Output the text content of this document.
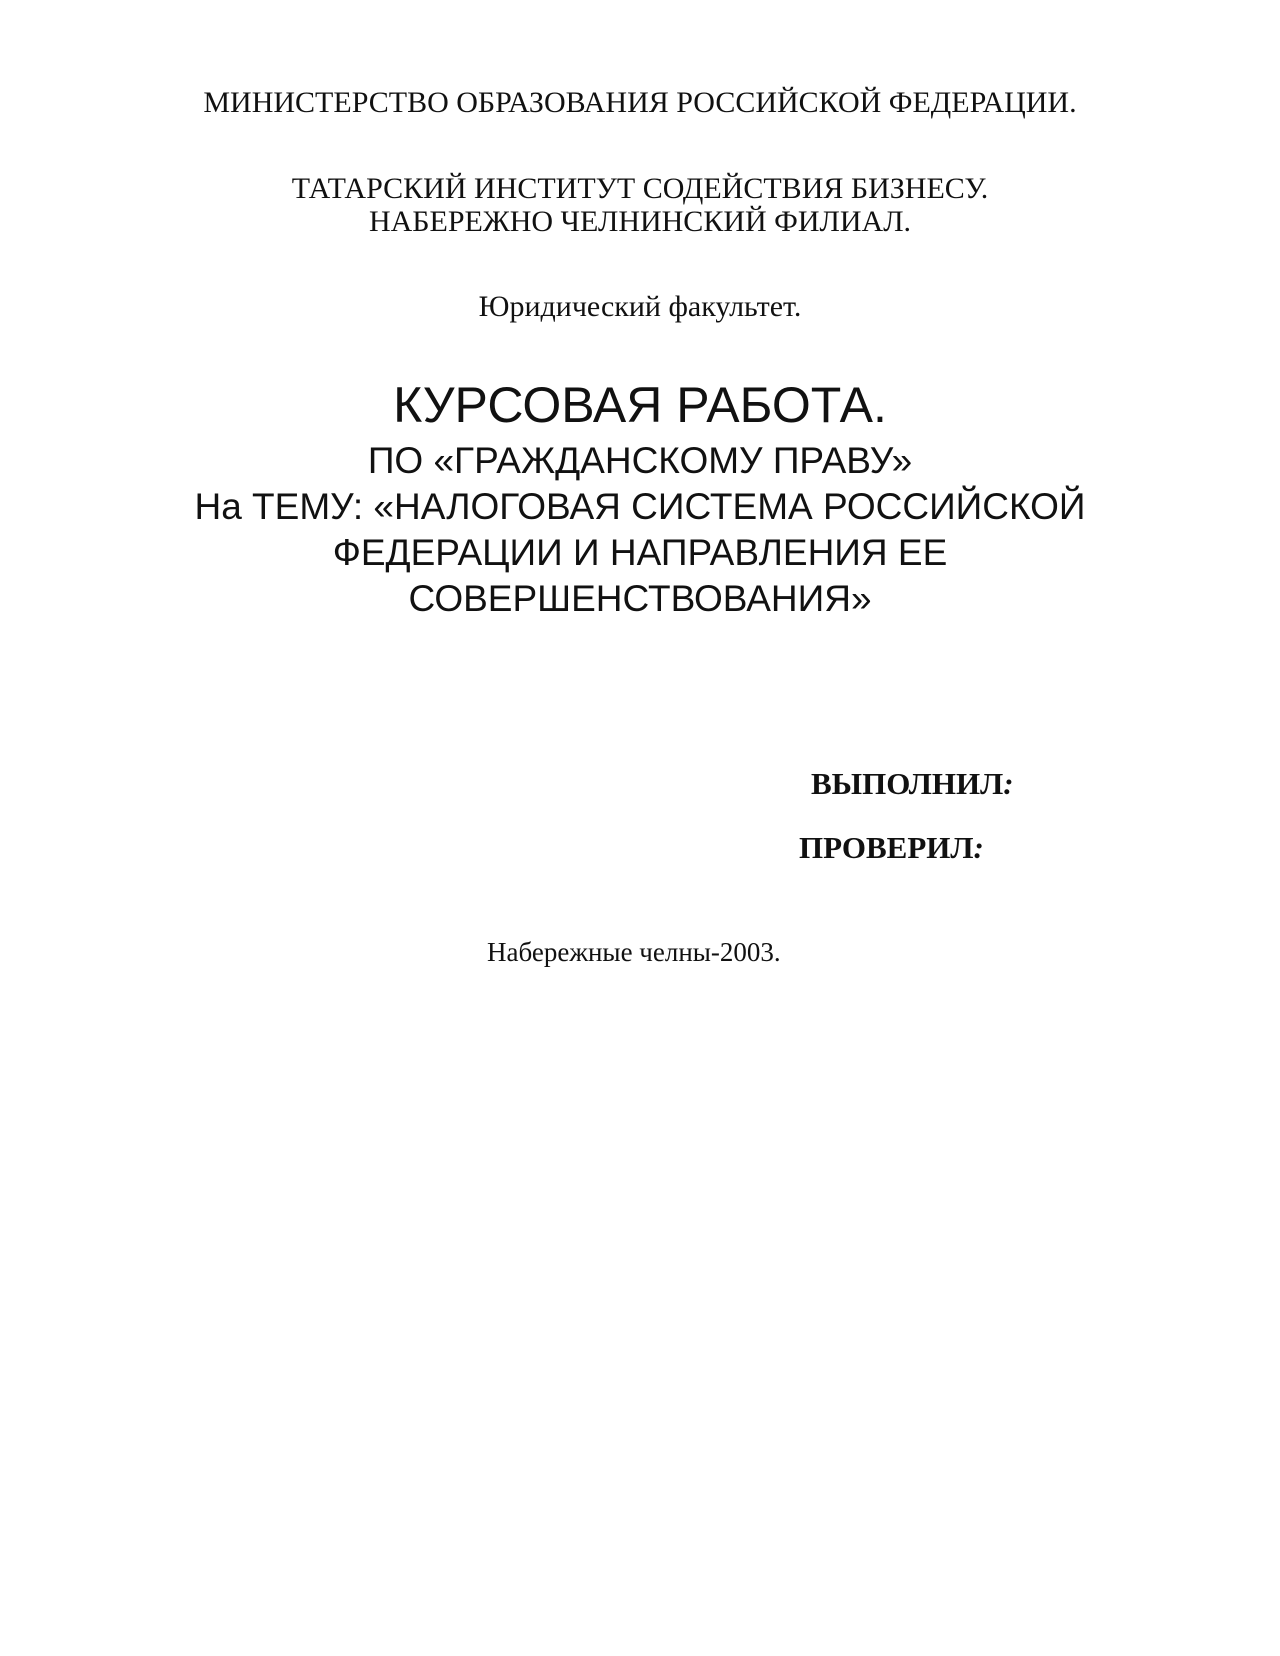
МИНИСТЕРСТВО ОБРАЗОВАНИЯ РОССИЙСКОЙ ФЕДЕРАЦИИ.
ТАТАРСКИЙ ИНСТИТУТ СОДЕЙСТВИЯ БИЗНЕСУ.
НАБЕРЕЖНО ЧЕЛНИНСКИЙ ФИЛИАЛ.
Юридический факультет.
КУРСОВАЯ РАБОТА.
ПО «ГРАЖДАНСКОМУ ПРАВУ»
На ТЕМУ: «НАЛОГОВАЯ СИСТЕМА РОССИЙСКОЙ
ФЕДЕРАЦИИ И НАПРАВЛЕНИЯ ЕЕ
СОВЕРШЕНСТВОВАНИЯ»
ВЫПОЛНИЛ:
ПРОВЕРИЛ:
Набережные челны-2003.
